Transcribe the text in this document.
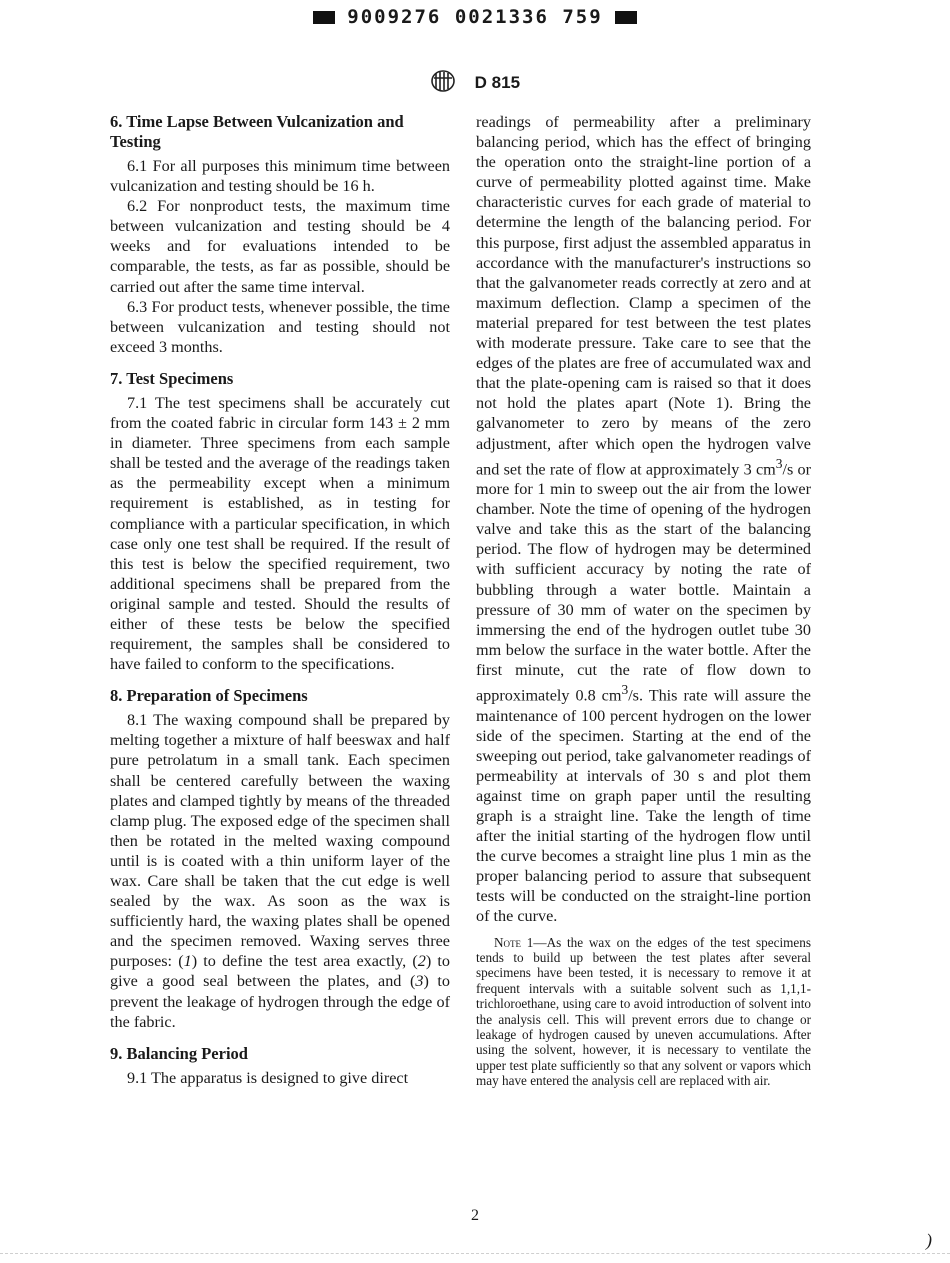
9009276 0021336 759
D 815
6. Time Lapse Between Vulcanization and Testing

6.1 For all purposes this minimum time between vulcanization and testing should be 16 h.

6.2 For nonproduct tests, the maximum time between vulcanization and testing should be 4 weeks and for evaluations intended to be comparable, the tests, as far as possible, should be carried out after the same time interval.

6.3 For product tests, whenever possible, the time between vulcanization and testing should not exceed 3 months.

7. Test Specimens

7.1 The test specimens shall be accurately cut from the coated fabric in circular form 143 ± 2 mm in diameter. Three specimens from each sample shall be tested and the average of the readings taken as the permeability except when a minimum requirement is established, as in testing for compliance with a particular specification, in which case only one test shall be required. If the result of this test is below the specified requirement, two additional specimens shall be prepared from the original sample and tested. Should the results of either of these tests be below the specified requirement, the samples shall be considered to have failed to conform to the specifications.

8. Preparation of Specimens

8.1 The waxing compound shall be prepared by melting together a mixture of half beeswax and half pure petrolatum in a small tank. Each specimen shall be centered carefully between the waxing plates and clamped tightly by means of the threaded clamp plug. The exposed edge of the specimen shall then be rotated in the melted waxing compound until is is coated with a thin uniform layer of the wax. Care shall be taken that the cut edge is well sealed by the wax. As soon as the wax is sufficiently hard, the waxing plates shall be opened and the specimen removed. Waxing serves three purposes: (1) to define the test area exactly, (2) to give a good seal between the plates, and (3) to prevent the leakage of hydrogen through the edge of the fabric.

9. Balancing Period

9.1 The apparatus is designed to give direct

readings of permeability after a preliminary balancing period, which has the effect of bringing the operation onto the straight-line portion of a curve of permeability plotted against time. Make characteristic curves for each grade of material to determine the length of the balancing period. For this purpose, first adjust the assembled apparatus in accordance with the manufacturer's instructions so that the galvanometer reads correctly at zero and at maximum deflection. Clamp a specimen of the material prepared for test between the test plates with moderate pressure. Take care to see that the edges of the plates are free of accumulated wax and that the plate-opening cam is raised so that it does not hold the plates apart (Note 1). Bring the galvanometer to zero by means of the zero adjustment, after which open the hydrogen valve and set the rate of flow at approximately 3 $cm^3/s$ or more for 1 min to sweep out the air from the lower chamber. Note the time of opening of the hydrogen valve and take this as the start of the balancing period. The flow of hydrogen may be determined with sufficient accuracy by noting the rate of bubbling through a water bottle. Maintain a pressure of 30 mm of water on the specimen by immersing the end of the hydrogen outlet tube 30 mm below the surface in the water bottle. After the first minute, cut the rate of flow down to approximately 0.8 $cm^3/s$. This rate will assure the maintenance of 100 percent hydrogen on the lower side of the specimen. Starting at the end of the sweeping out period, take galvanometer readings of permeability at intervals of 30 s and plot them against time on graph paper until the resulting graph is a straight line. Take the length of time after the initial starting of the hydrogen flow until the curve becomes a straight line plus 1 min as the proper balancing period to assure that subsequent tests will be conducted on the straight-line portion of the curve.

Note 1—As the wax on the edges of the test specimens tends to build up between the test plates after several specimens have been tested, it is necessary to remove it at frequent intervals with a suitable solvent such as 1,1,1-trichloroethane, using care to avoid introduction of solvent into the analysis cell. This will prevent errors due to change or leakage of hydrogen caused by uneven accumulations. After using the solvent, however, it is necessary to ventilate the upper test plate sufficiently so that any solvent or vapors which may have entered the analysis cell are replaced with air.

2
)
